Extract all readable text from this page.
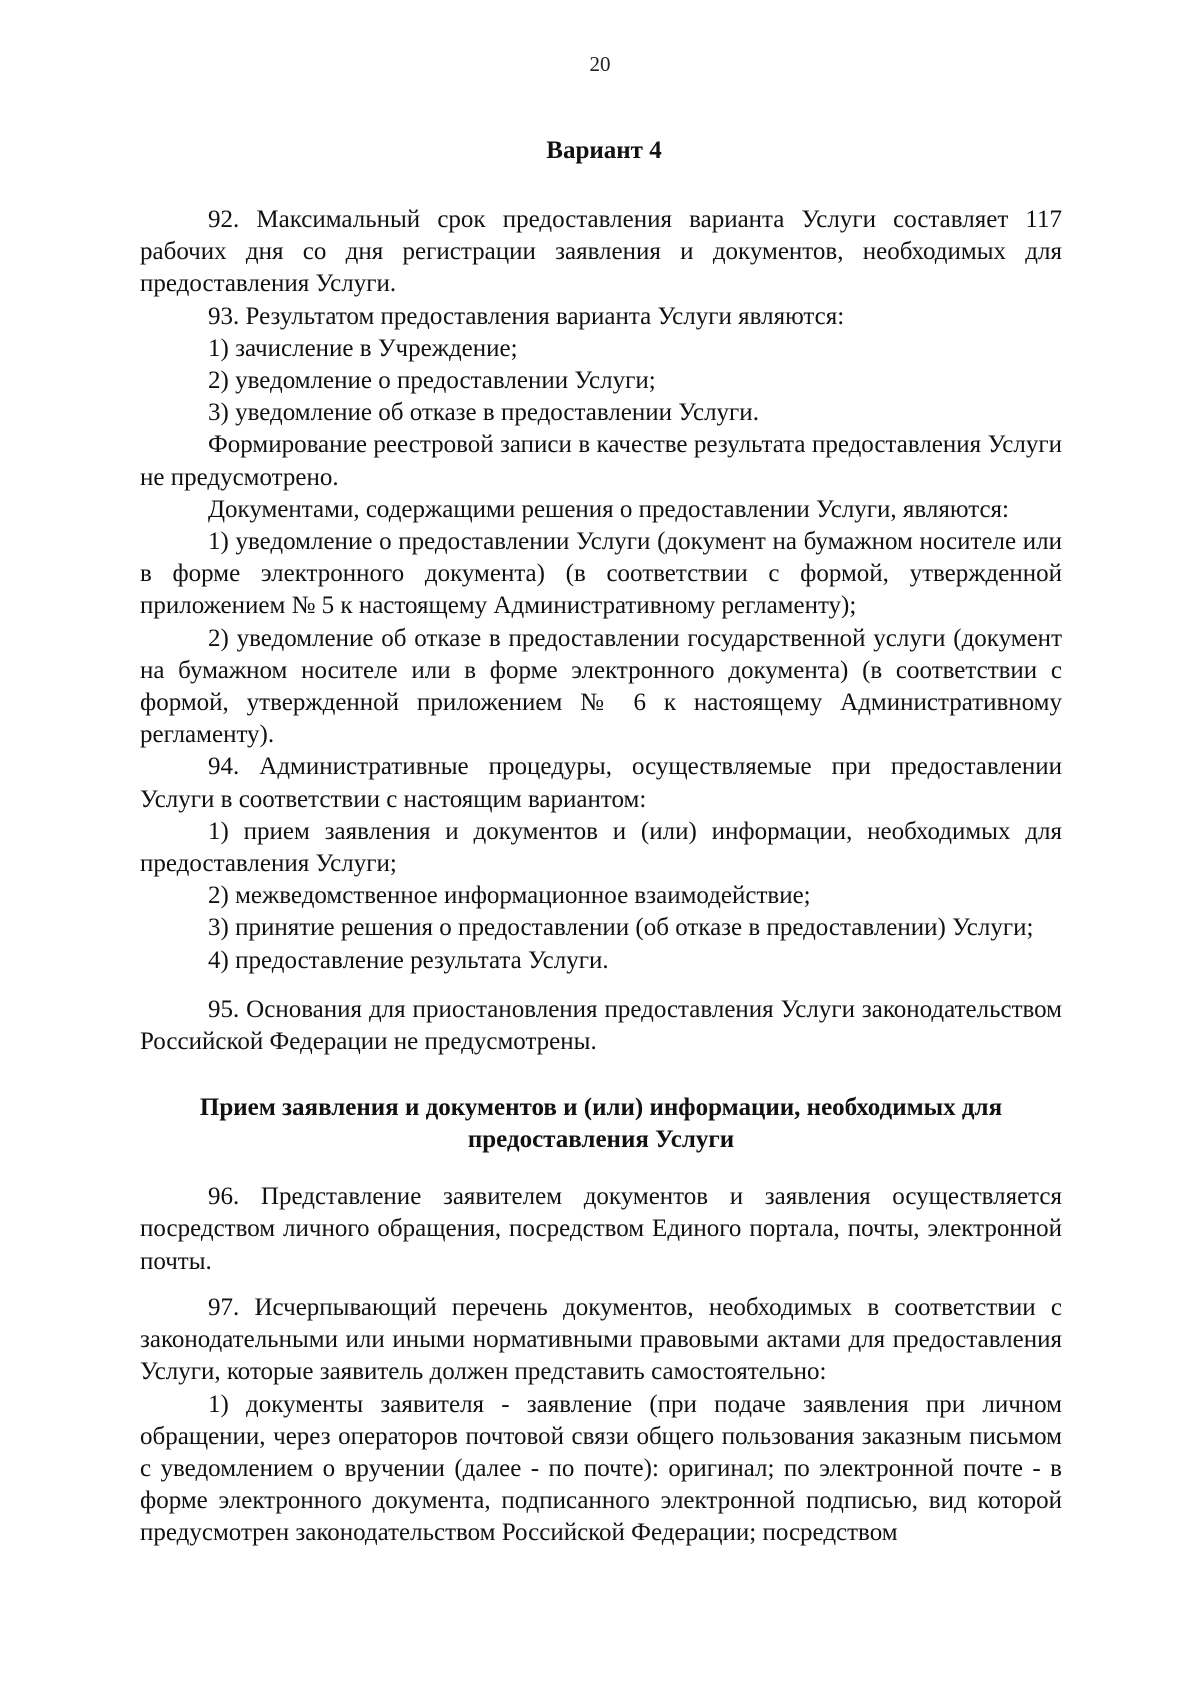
20
Вариант 4

92. Максимальный срок предоставления варианта Услуги составляет 117 рабочих дня со дня регистрации заявления и документов, необходимых для предоставления Услуги.

93. Результатом предоставления варианта Услуги являются:

1) зачисление в Учреждение;

2) уведомление о предоставлении Услуги;

3) уведомление об отказе в предоставлении Услуги.

Формирование реестровой записи в качестве результата предоставления Услуги не предусмотрено.

Документами, содержащими решения о предоставлении Услуги, являются:

1) уведомление о предоставлении Услуги (документ на бумажном носителе или в форме электронного документа) (в соответствии с формой, утвержденной приложением № 5 к настоящему Административному регламенту);

2) уведомление об отказе в предоставлении государственной услуги (документ на бумажном носителе или в форме электронного документа) (в соответствии с формой, утвержденной приложением № 6 к настоящему Административному регламенту).

94. Административные процедуры, осуществляемые при предоставлении Услуги в соответствии с настоящим вариантом:

1) прием заявления и документов и (или) информации, необходимых для предоставления Услуги;

2) межведомственное информационное взаимодействие;

3) принятие решения о предоставлении (об отказе в предоставлении) Услуги;

4) предоставление результата Услуги.

95. Основания для приостановления предоставления Услуги законодательством Российской Федерации не предусмотрены.

Прием заявления и документов и (или) информации, необходимых для
предоставления Услуги

96. Представление заявителем документов и заявления осуществляется посредством личного обращения, посредством Единого портала, почты, электронной почты.

97. Исчерпывающий перечень документов, необходимых в соответствии с законодательными или иными нормативными правовыми актами для предоставления Услуги, которые заявитель должен представить самостоятельно:

1) документы заявителя - заявление (при подаче заявления при личном обращении, через операторов почтовой связи общего пользования заказным письмом с уведомлением о вручении (далее - по почте): оригинал; по электронной почте - в форме электронного документа, подписанного электронной подписью, вид которой предусмотрен законодательством Российской Федерации; посредством
